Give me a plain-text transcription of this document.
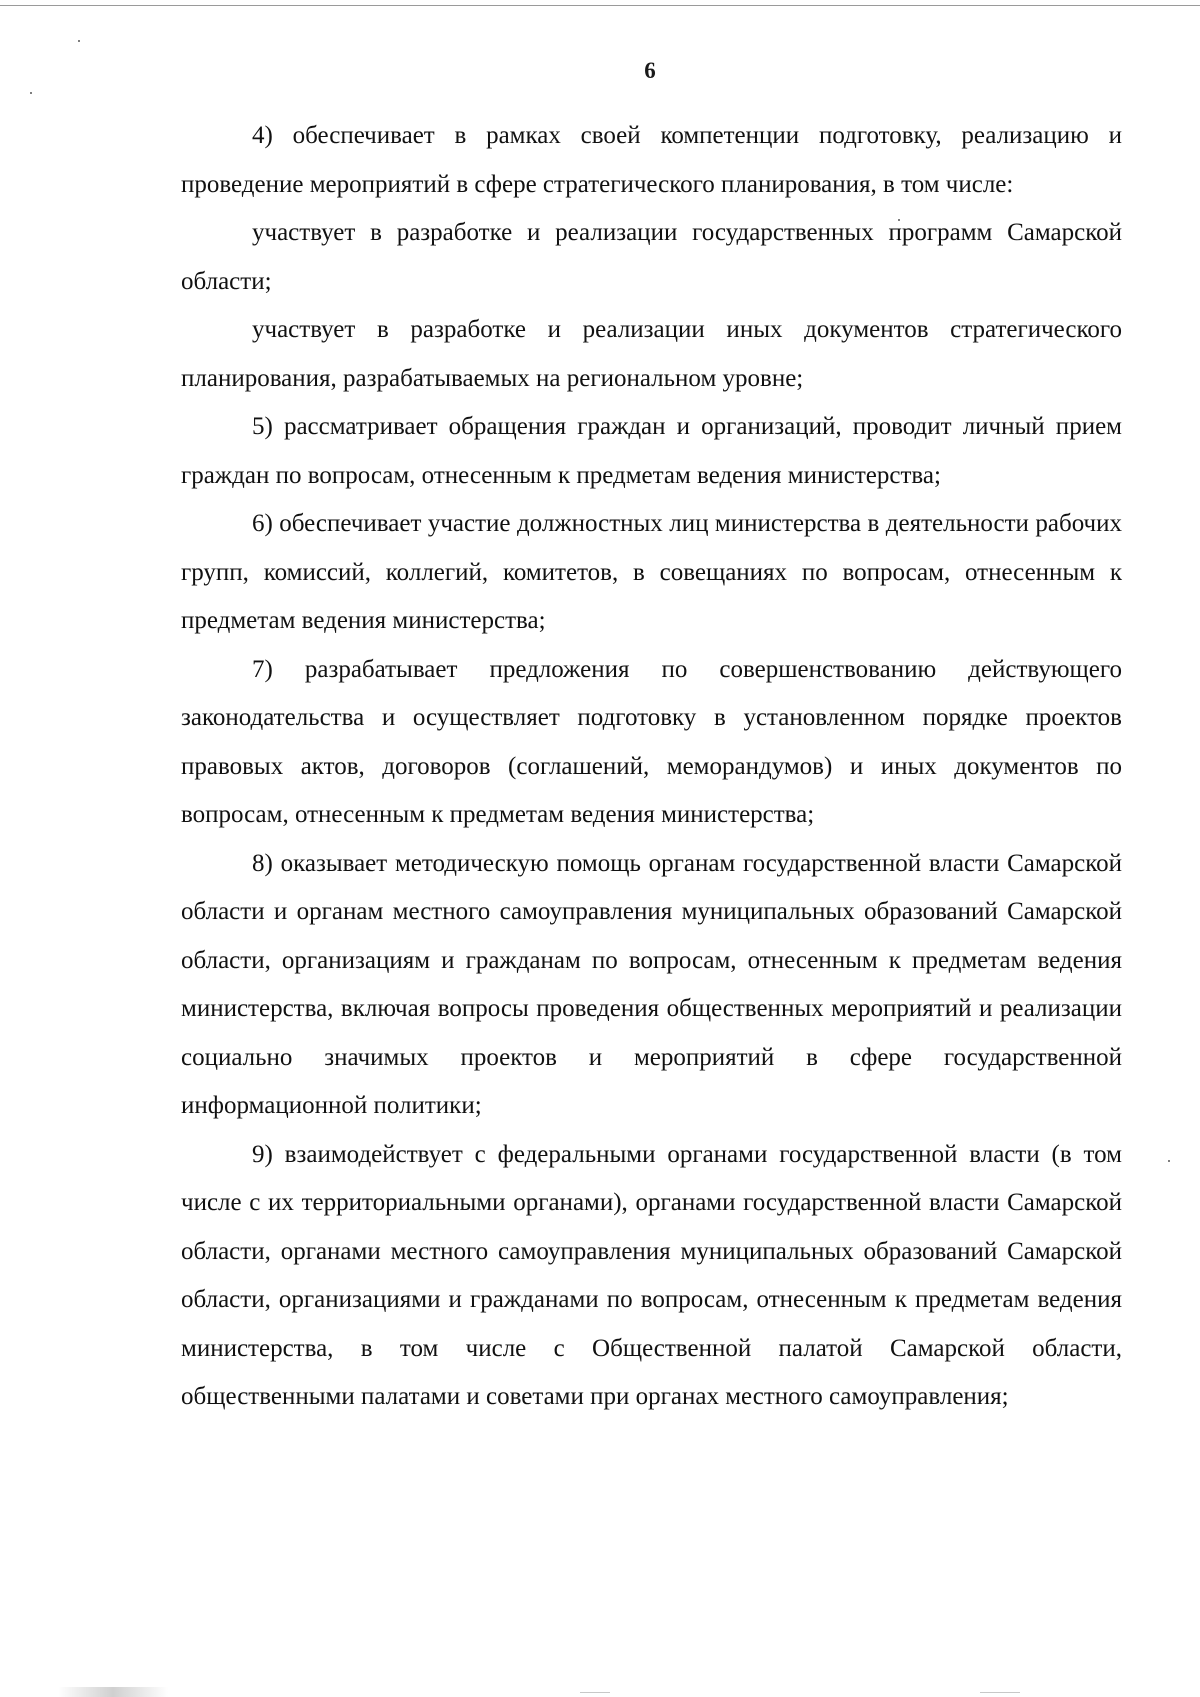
6

4) обеспечивает в рамках своей компетенции подготовку, реализацию и проведение мероприятий в сфере стратегического планирования, в том числе:

участвует в разработке и реализации государственных программ Самарской области;

участвует в разработке и реализации иных документов стратегического планирования, разрабатываемых на региональном уровне;

5) рассматривает обращения граждан и организаций, проводит личный прием граждан по вопросам, отнесенным к предметам ведения министерства;

6) обеспечивает участие должностных лиц министерства в деятельности рабочих групп, комиссий, коллегий, комитетов, в совещаниях по вопросам, отнесенным к предметам ведения министерства;

7) разрабатывает предложения по совершенствованию действующего законодательства и осуществляет подготовку в установленном порядке проектов правовых актов, договоров (соглашений, меморандумов) и иных документов по вопросам, отнесенным к предметам ведения министерства;

8) оказывает методическую помощь органам государственной власти Самарской области и органам местного самоуправления муниципальных образований Самарской области, организациям и гражданам по вопросам, отнесенным к предметам ведения министерства, включая вопросы проведения общественных мероприятий и реализации социально значимых проектов и мероприятий в сфере государственной информационной политики;

9) взаимодействует с федеральными органами государственной власти (в том числе с их территориальными органами), органами государственной власти Самарской области, органами местного самоуправления муниципальных образований Самарской области, организациями и гражданами по вопросам, отнесенным к предметам ведения министерства, в том числе с Общественной палатой Самарской области, общественными палатами и советами при органах местного самоуправления;
